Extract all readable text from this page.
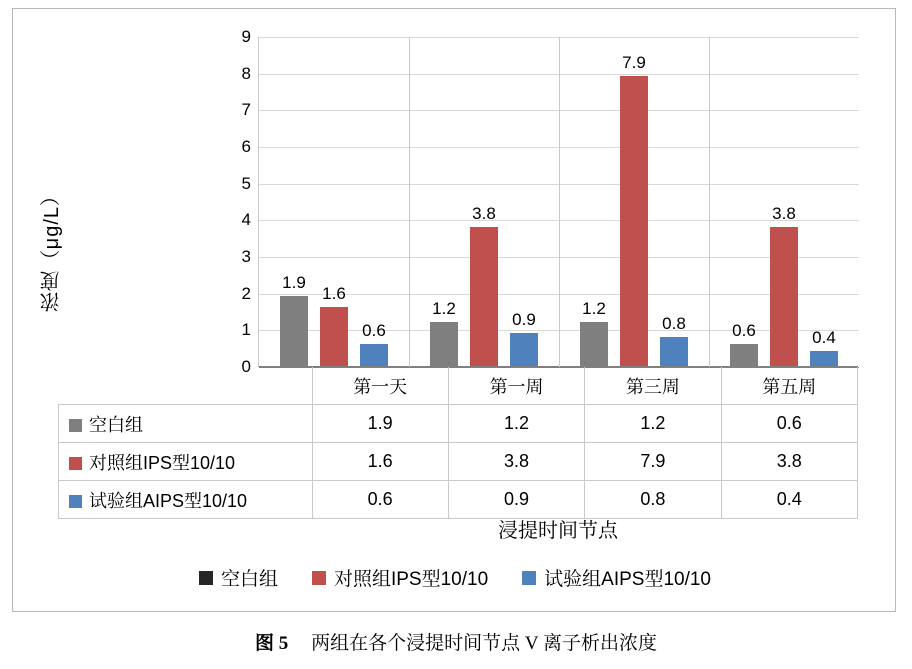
浓度（μg/L）
0
1
2
3
4
5
6
7
8
9
1.9
1.6
0.6
1.2
3.8
0.9
1.2
7.9
0.8	0.6
3.8
0.4
	第一天	第一周	第三周	第五周
空白组	1.9	1.2	1.2	0.6
对照组IPS型10/10	1.6	3.8	7.9	3.8
试验组AIPS型10/10	0.6	0.9	0.8	0.4
浸提时间节点
空白组	对照组IPS型10/10	试验组AIPS型10/10
图 5 两组在各个浸提时间节点 V 离子析出浓度
